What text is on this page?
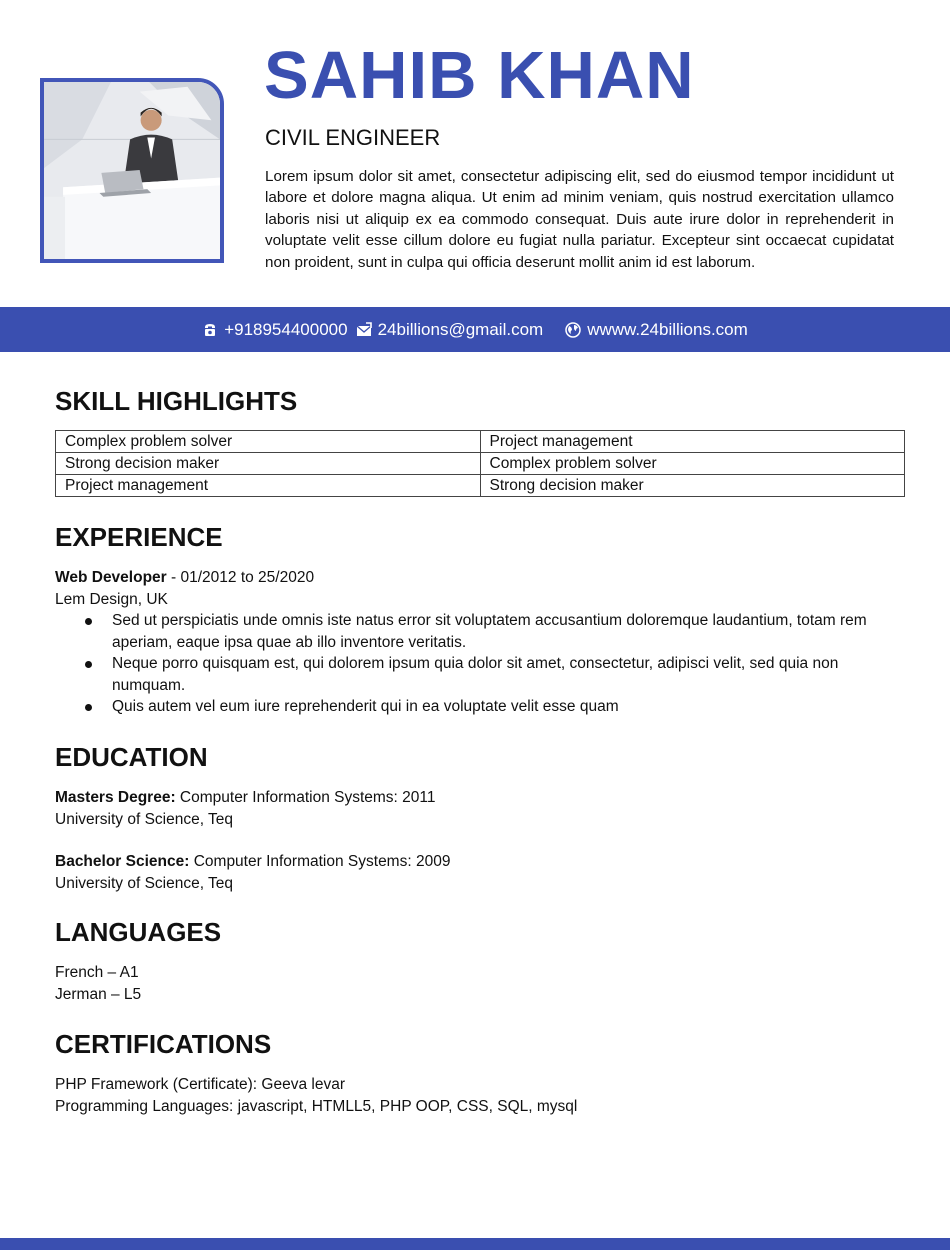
SAHIB KHAN
CIVIL ENGINEER
Lorem ipsum dolor sit amet, consectetur adipiscing elit, sed do eiusmod tempor incididunt ut labore et dolore magna aliqua. Ut enim ad minim veniam, quis nostrud exercitation ullamco laboris nisi ut aliquip ex ea commodo consequat. Duis aute irure dolor in reprehenderit in voluptate velit esse cillum dolore eu fugiat nulla pariatur. Excepteur sint occaecat cupidatat non proident, sunt in culpa qui officia deserunt mollit anim id est laborum.
+918954400000 24billions@gmail.com	wwww.24billions.com
SKILL HIGHLIGHTS
Complex problem solver	Project management
Strong decision maker	Complex problem solver
Project management	Strong decision maker
EXPERIENCE
Web Developer - 01/2012 to 25/2020
Lem Design, UK
Sed ut perspiciatis unde omnis iste natus error sit voluptatem accusantium doloremque laudantium, totam rem aperiam, eaque ipsa quae ab illo inventore veritatis.
Neque porro quisquam est, qui dolorem ipsum quia dolor sit amet, consectetur, adipisci velit, sed quia non numquam.
Quis autem vel eum iure reprehenderit qui in ea voluptate velit esse quam
EDUCATION
Masters Degree: Computer Information Systems: 2011
University of Science, Teq
Bachelor Science: Computer Information Systems: 2009
University of Science, Teq
LANGUAGES
French – A1
Jerman – L5
CERTIFICATIONS
PHP Framework (Certificate): Geeva levar
Programming Languages: javascript, HTMLL5, PHP OOP, CSS, SQL, mysql
